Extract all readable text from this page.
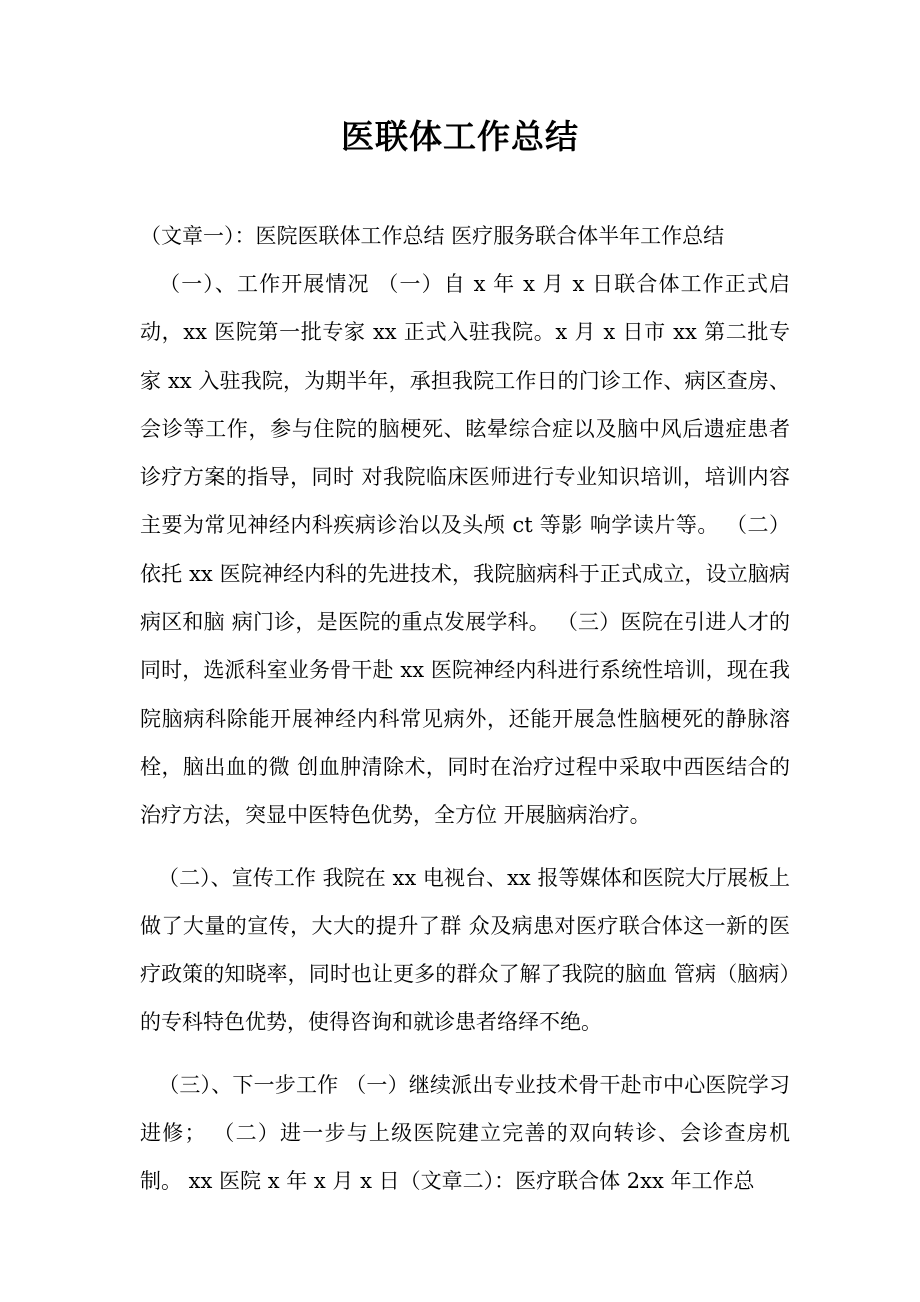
医联体工作总结

（文章一）：医院医联体工作总结 医疗服务联合体半年工作总结

（一）、工作开展情况 （一）自 x 年 x 月 x 日联合体工作正式启动，xx 医院第一批专家 xx 正式入驻我院。x 月 x 日市 xx 第二批专家 xx 入驻我院，为期半年，承担我院工作日的门诊工作、病区查房、 会诊等工作，参与住院的脑梗死、眩晕综合症以及脑中风后遗症患者诊疗方案的指导，同时 对我院临床医师进行专业知识培训，培训内容主要为常见神经内科疾病诊治以及头颅 ct 等影 响学读片等。 （二）依托 xx 医院神经内科的先进技术，我院脑病科于正式成立，设立脑病病区和脑 病门诊，是医院的重点发展学科。 （三）医院在引进人才的同时，选派科室业务骨干赴 xx 医院神经内科进行系统性培训，现在我院脑病科除能开展神经内科常见病外，还能开展急性脑梗死的静脉溶栓，脑出血的微 创血肿清除术，同时在治疗过程中采取中西医结合的治疗方法，突显中医特色优势，全方位 开展脑病治疗。

（二）、宣传工作 我院在 xx 电视台、xx 报等媒体和医院大厅展板上做了大量的宣传，大大的提升了群 众及病患对医疗联合体这一新的医疗政策的知晓率，同时也让更多的群众了解了我院的脑血 管病（脑病）的专科特色优势，使得咨询和就诊患者络绎不绝。

（三）、下一步工作 （一）继续派出专业技术骨干赴市中心医院学习进修； （二）进一步与上级医院建立完善的双向转诊、会诊查房机制。 xx 医院 x 年 x 月 x 日（文章二）：医疗联合体 2xx 年工作总
